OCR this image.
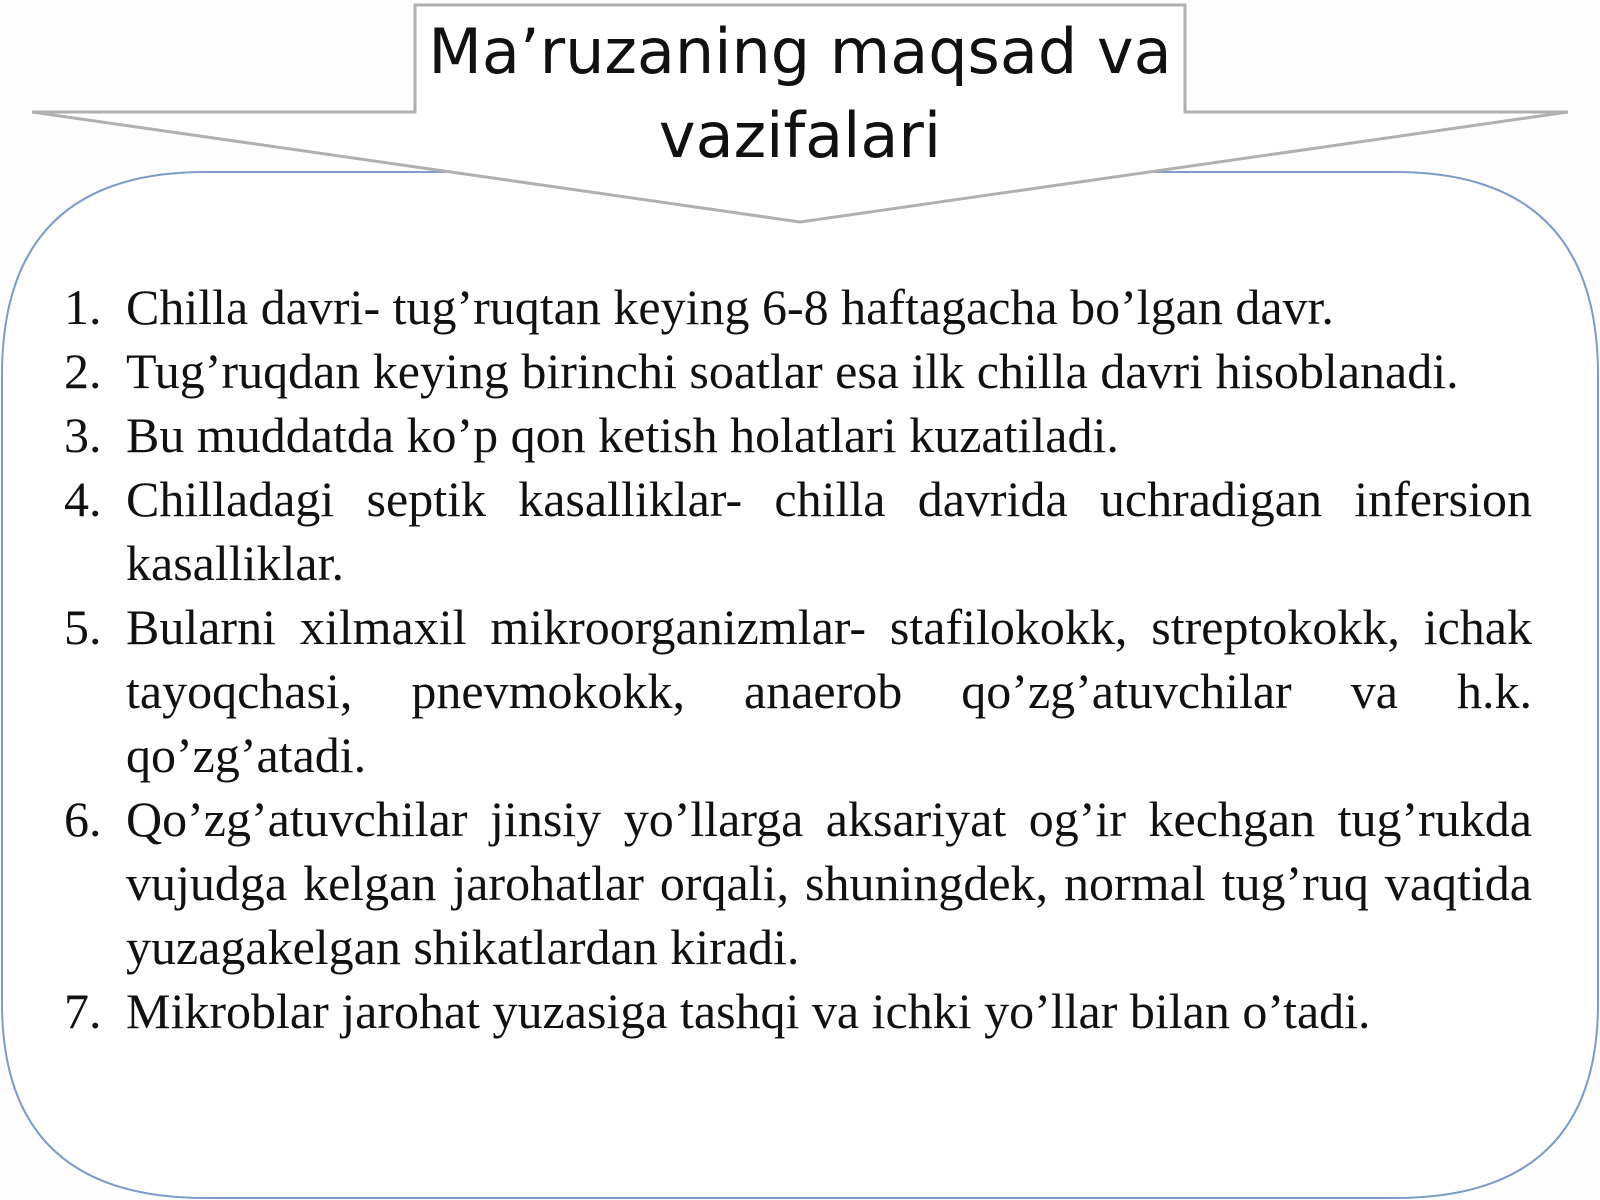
Ma’ruzaning maqsad va vazifalari
1. Chilla davri- tug’ruqtan keying 6-8 haftagacha bo’lgan davr.
2. Tug’ruqdan keying birinchi soatlar esa ilk chilla davri hisoblanadi.
3. Bu muddatda ko’p qon ketish holatlari kuzatiladi.
4. Chilladagi septik kasalliklar- chilla davrida uchradigan infersion kasalliklar.
5. Bularni xilmaxil mikroorganizmlar- stafilokokk, streptokokk, ichak tayoqchasi, pnevmokokk, anaerob qo’zg’atuvchilar va h.k. qo’zg’atadi.
6. Qo’zg’atuvchilar jinsiy yo’llarga aksariyat og’ir kechgan tug’rukda vujudga kelgan jarohatlar orqali, shuningdek, normal tug’ruq vaqtida yuzagakelgan shikatlardan kiradi.
7. Mikroblar jarohat yuzasiga tashqi va ichki yo’llar bilan o’tadi.
